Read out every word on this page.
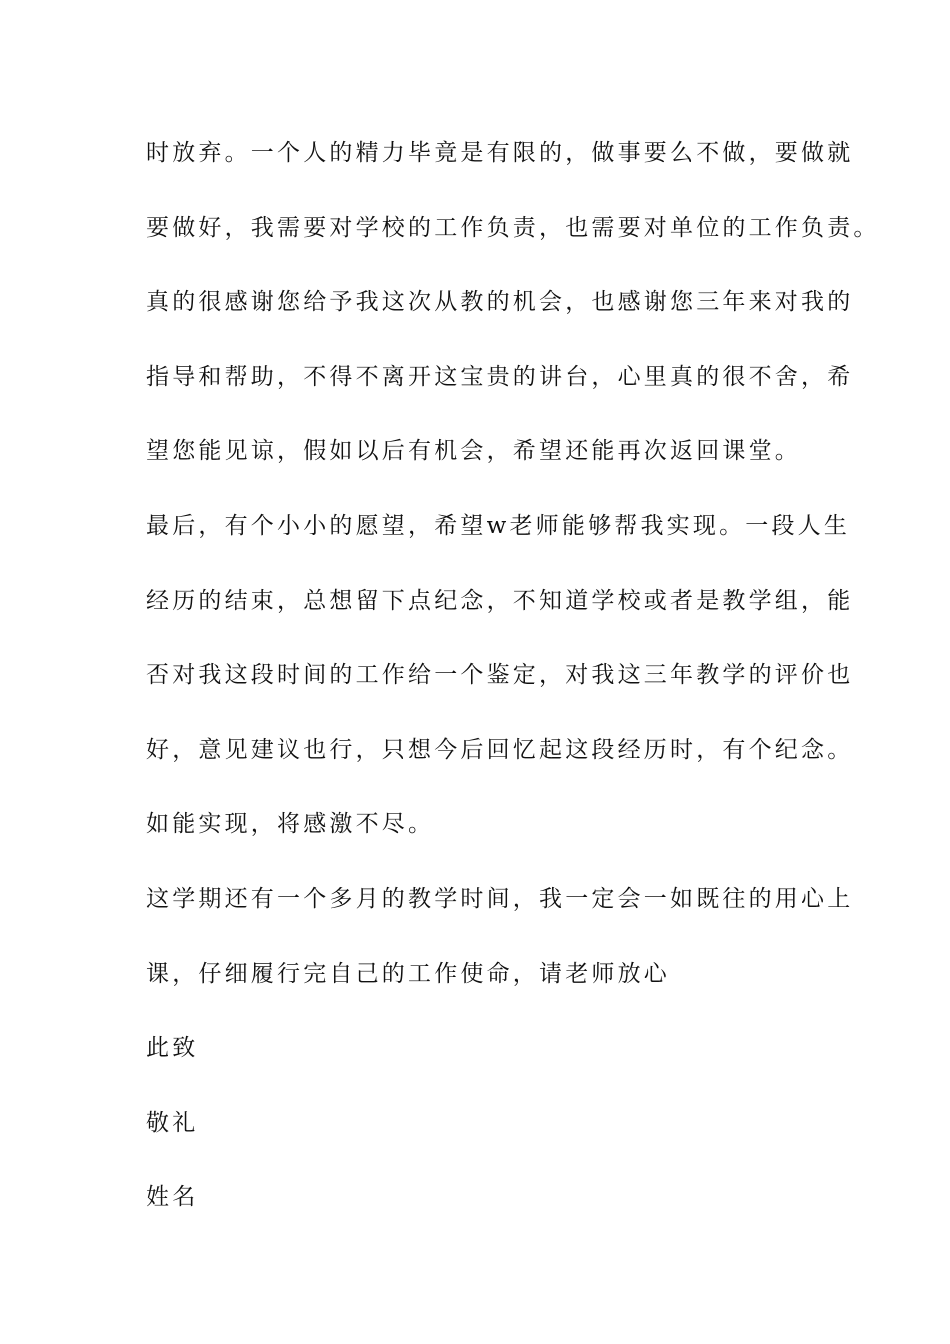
时放弃。一个人的精力毕竟是有限的，做事要么不做，要做就
要做好，我需要对学校的工作负责，也需要对单位的工作负责。
真的很感谢您给予我这次从教的机会，也感谢您三年来对我的
指导和帮助，不得不离开这宝贵的讲台，心里真的很不舍，希
望您能见谅，假如以后有机会，希望还能再次返回课堂。
最后，有个小小的愿望，希望w老师能够帮我实现。一段人生
经历的结束，总想留下点纪念，不知道学校或者是教学组，能
否对我这段时间的工作给一个鉴定，对我这三年教学的评价也
好，意见建议也行，只想今后回忆起这段经历时，有个纪念。
如能实现，将感激不尽。
这学期还有一个多月的教学时间，我一定会一如既往的用心上
课，仔细履行完自己的工作使命，请老师放心
此致
敬礼
姓名
